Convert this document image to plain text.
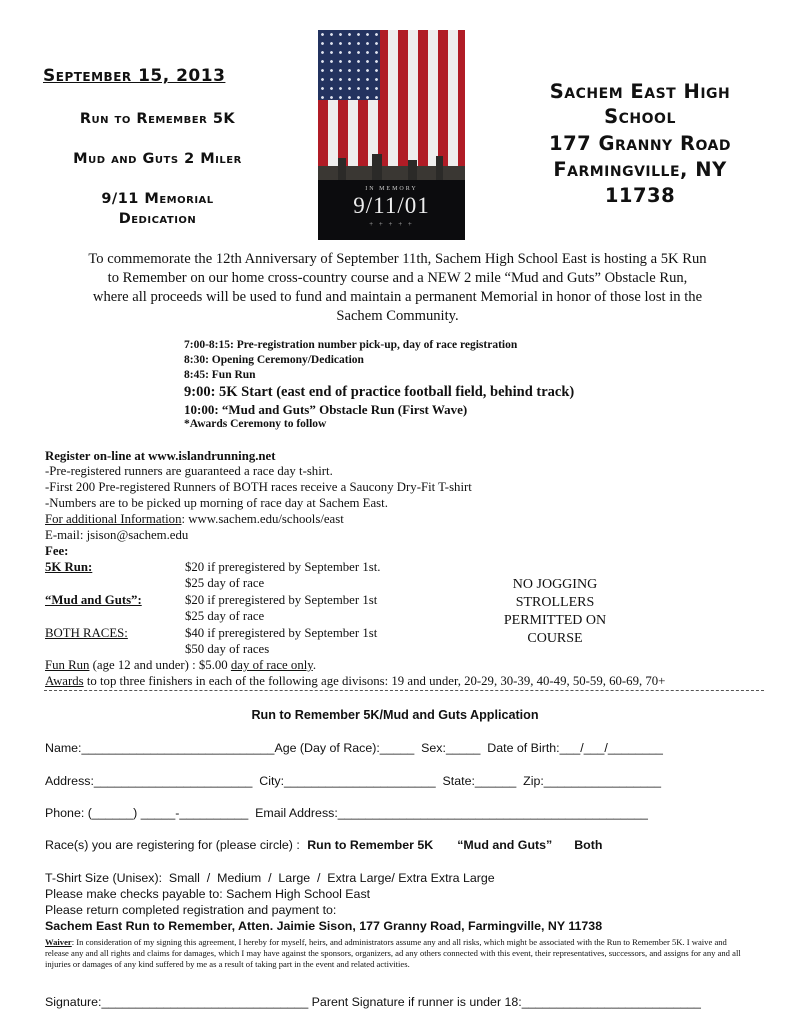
September 15, 2013
Run to Remember 5K
Mud and Guts 2 Miler
9/11 Memorial
Dedication
IN MEMORY
9/11/01
+ + + + +
Sachem East High
School
177 Granny Road
Farmingville, NY
11738
To commemorate the 12th Anniversary of September 11th, Sachem High School East is hosting a 5K Run
to Remember on our home cross-country course and a NEW 2 mile “Mud and Guts” Obstacle Run,
where all proceeds will be used to fund and maintain a permanent Memorial in honor of those lost in the
Sachem Community.
7:00-8:15: Pre-registration number pick-up, day of race registration
8:30: Opening Ceremony/Dedication
8:45: Fun Run
9:00: 5K Start (east end of practice football field, behind track)
10:00: “Mud and Guts” Obstacle Run (First Wave)
*Awards Ceremony to follow
Register on-line at www.islandrunning.net
-Pre-registered runners are guaranteed a race day t-shirt.
-First 200 Pre-registered Runners of BOTH races receive a Saucony Dry-Fit T-shirt
-Numbers are to be picked up morning of race day at Sachem East.
For additional Information: www.sachem.edu/schools/east
E-mail: jsison@sachem.edu
Fee:
5K Run:	$20 if preregistered by September 1st.
$25 day of race
“Mud and Guts”:	$20 if preregistered by September 1st
$25 day of race
BOTH RACES:	$40 if preregistered by September 1st
$50 day of races
NO JOGGING
STROLLERS
PERMITTED ON
COURSE
Fun Run (age 12 and under) : $5.00 day of race only.
Awards to top three finishers in each of the following age divisons: 19 and under, 20-29, 30-39, 40-49, 50-59, 60-69, 70+
Run to Remember 5K/Mud and Guts Application
Name:____________________________Age (Day of Race):_____  Sex:_____  Date of Birth:___/___/________
Address:_______________________  City:______________________  State:______  Zip:_________________
Phone: (______) _____-__________  Email Address:_____________________________________________
Race(s) you are registering for (please circle) : Run to Remember 5K “Mud and Guts” Both
T-Shirt Size (Unisex):  Small  /  Medium  /  Large  /  Extra Large/ Extra Extra Large
Please make checks payable to: Sachem High School East
Please return completed registration and payment to:
Sachem East Run to Remember, Atten. Jaimie Sison, 177 Granny Road, Farmingville, NY 11738
Waiver: In consideration of my signing this agreement, I hereby for myself, heirs, and administrators assume any and all risks, which might be associated with the Run to Remember 5K. I waive and release any and all rights and claims for damages, which I may have against the sponsors, organizers, ad any others connected with this event, their representatives, successors, and assigns for any and all injuries or damages of any kind suffered by me as a result of taking part in the event and related activities.
Signature:______________________________ Parent Signature if runner is under 18:__________________________
